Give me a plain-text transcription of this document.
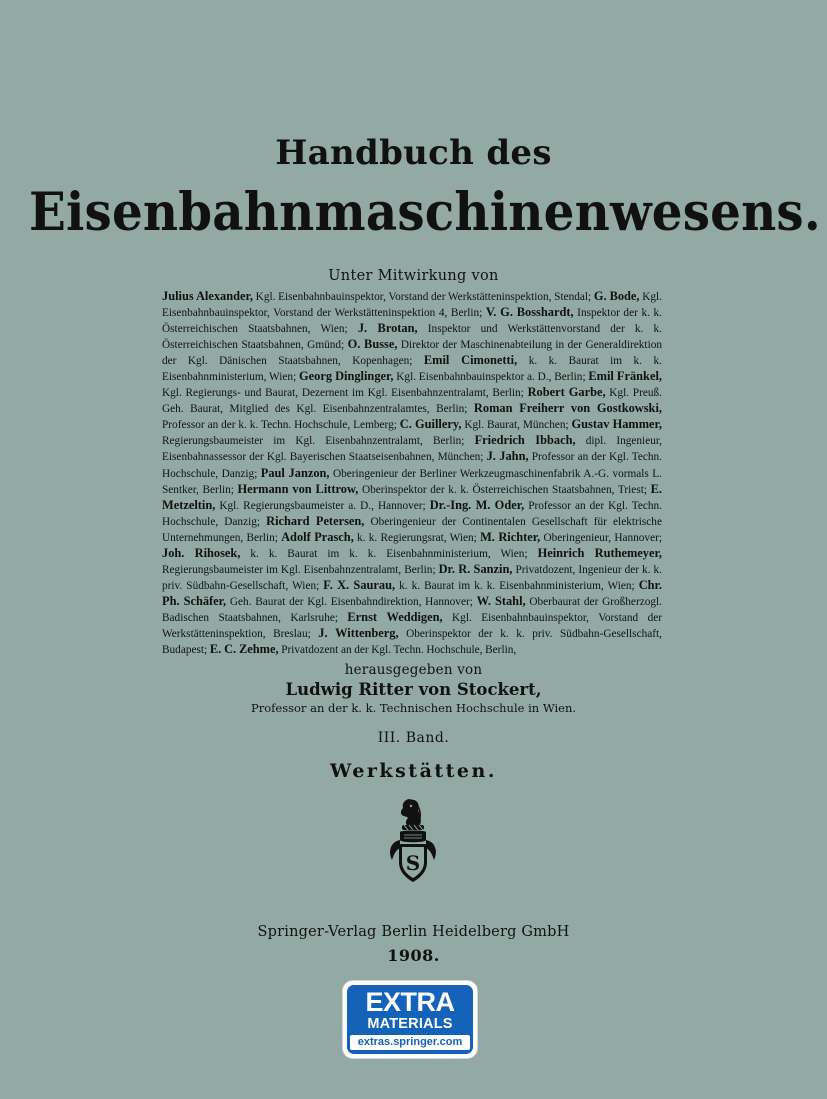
Handbuch des
Eisenbahnmaschinenwesens.
Unter Mitwirkung von
Julius Alexander, Kgl. Eisenbahnbauinspektor, Vorstand der Werkstätteninspektion, Stendal; G. Bode, Kgl. Eisenbahnbauinspektor, Vorstand der Werkstätteninspektion 4, Berlin; V. G. Bosshardt, Inspektor der k. k. Österreichischen Staatsbahnen, Wien; J. Brotan, Inspektor und Werkstättenvorstand der k. k. Österreichischen Staatsbahnen, Gmünd; O. Busse, Direktor der Maschinenabteilung in der Generaldirektion der Kgl. Dänischen Staatsbahnen, Kopenhagen; Emil Cimonetti, k. k. Baurat im k. k. Eisenbahnministerium, Wien; Georg Dinglinger, Kgl. Eisenbahnbauinspektor a. D., Berlin; Emil Fränkel, Kgl. Regierungs- und Baurat, Dezernent im Kgl. Eisenbahnzentralamt, Berlin; Robert Garbe, Kgl. Preuß. Geh. Baurat, Mitglied des Kgl. Eisenbahnzentralamtes, Berlin; Roman Freiherr von Gostkowski, Professor an der k. k. Techn. Hochschule, Lemberg; C. Guillery, Kgl. Baurat, München; Gustav Hammer, Regierungsbaumeister im Kgl. Eisenbahnzentralamt, Berlin; Friedrich Ibbach, dipl. Ingenieur, Eisenbahnassessor der Kgl. Bayerischen Staatseisenbahnen, München; J. Jahn, Professor an der Kgl. Techn. Hochschule, Danzig; Paul Janzon, Oberingenieur der Berliner Werkzeugmaschinenfabrik A.-G. vormals L. Sentker, Berlin; Hermann von Littrow, Oberinspektor der k. k. Österreichischen Staatsbahnen, Triest; E. Metzeltin, Kgl. Regierungsbaumeister a. D., Hannover; Dr.-Ing. M. Oder, Professor an der Kgl. Techn. Hochschule, Danzig; Richard Petersen, Oberingenieur der Continentalen Gesellschaft für elektrische Unternehmungen, Berlin; Adolf Prasch, k. k. Regierungsrat, Wien; M. Richter, Oberingenieur, Hannover; Joh. Rihosek, k. k. Baurat im k. k. Eisenbahnministerium, Wien; Heinrich Ruthemeyer, Regierungsbaumeister im Kgl. Eisenbahnzentralamt, Berlin; Dr. R. Sanzin, Privatdozent, Ingenieur der k. k. priv. Südbahn-Gesellschaft, Wien; F. X. Saurau, k. k. Baurat im k. k. Eisenbahnministerium, Wien; Chr. Ph. Schäfer, Geh. Baurat der Kgl. Eisenbahndirektion, Hannover; W. Stahl, Oberbaurat der Großherzogl. Badischen Staatsbahnen, Karlsruhe; Ernst Weddigen, Kgl. Eisenbahnbauinspektor, Vorstand der Werkstätteninspektion, Breslau; J. Wittenberg, Oberinspektor der k. k. priv. Südbahn-Gesellschaft, Budapest; E. C. Zehme, Privatdozent an der Kgl. Techn. Hochschule, Berlin,
herausgegeben von
Ludwig Ritter von Stockert,
Professor an der k. k. Technischen Hochschule in Wien.
III. Band.
Werkstätten.
S
Springer-Verlag Berlin Heidelberg GmbH
1908.
EXTRA
MATERIALS
extras.springer.com
